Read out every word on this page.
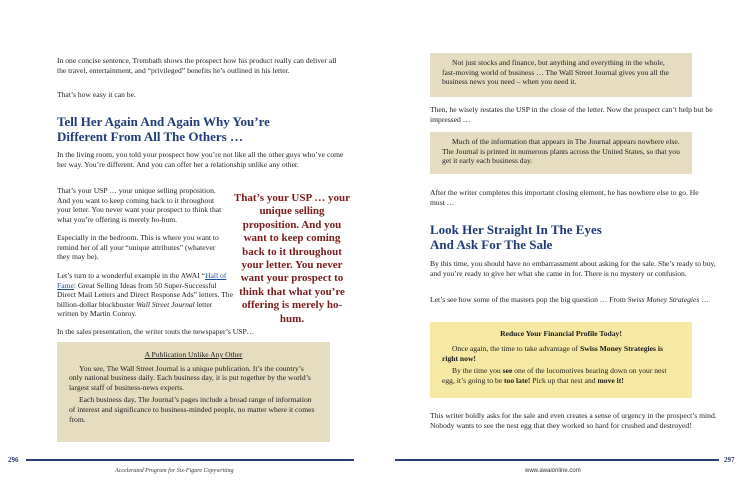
In one concise sentence, Trembath shows the prospect how his product really can deliver all the travel, entertainment, and “privileged” benefits he’s outlined in his letter.

That’s how easy it can be.

Tell Her Again And Again Why You’re
Different From All The Others …

In the living room, you told your prospect how you’re not like all the other guys who’ve come her way. You’re different. And you can offer her a relationship unlike any other.

That’s your USP … your unique selling proposition. And you want to keep coming back to it throughout your letter. You never want your prospect to think that what you’re offering is merely ho-hum.

Especially in the bedroom. This is where you want to remind her of all your “unique attributes” (whatever they may be).

Let’s turn to a wonderful example in the AWAI “Hall of Fame: Great Selling Ideas from 50 Super-Successful Direct Mail Letters and Direct Response Ads” letters. The billion-dollar blockbuster Wall Street Journal letter written by Martin Conroy.

That’s your USP … your unique selling proposition. And you want to keep coming back to it throughout your letter. You never want your prospect to think that what you’re offering is merely ho-hum.

In the sales presentation, the writer touts the newspaper’s USP…

A Publication Unlike Any Other

You see, The Wall Street Journal is a unique publication. It’s the country’s only national business daily. Each business day, it is put together by the world’s largest staff of business-news experts.

Each business day, The Journal’s pages include a broad range of information of interest and significance to business-minded people, no matter where it comes from.

296
Accelerated Program for Six-Figure Copywriting

Not just stocks and finance, but anything and everything in the whole, fast-moving world of business … The Wall Street Journal gives you all the business news you need – when you need it.

Then, he wisely restates the USP in the close of the letter. Now the prospect can’t help but be impressed …

Much of the information that appears in The Journal appears nowhere else. The Journal is printed in numerous plants across the United States, so that you get it early each business day.

After the writer completes this important closing element, he has nowhere else to go. He must …

Look Her Straight In The Eyes
And Ask For The Sale

By this time, you should have no embarrassment about asking for the sale. She’s ready to buy, and you’re ready to give her what she came in for. There is no mystery or confusion.

Let’s see how some of the masters pop the big question … From Swiss Money Strategies …

Reduce Your Financial Profile Today!

Once again, the time to take advantage of Swiss Money Strategies is right now!

By the time you see one of the locomotives bearing down on your nest egg, it’s going to be too late! Pick up that nest and move it!

This writer boldly asks for the sale and even creates a sense of urgency in the prospect’s mind. Nobody wants to see the nest egg that they worked so hard for crushed and destroyed!

297
www.awaionline.com
